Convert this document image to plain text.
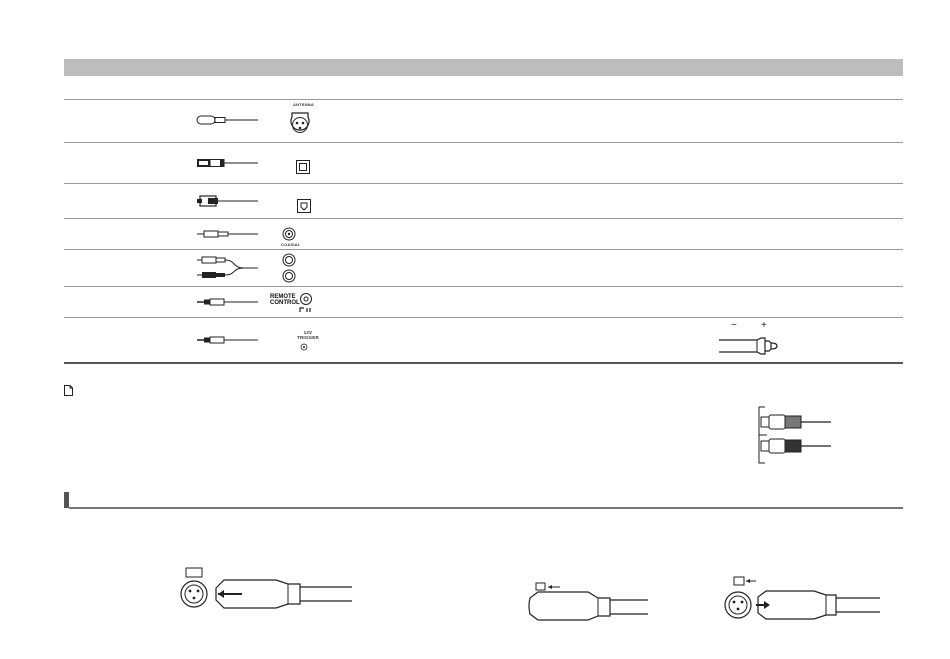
ANTENNA
COAXIAL
REMOTE
CONTROL
12V
TRIGGER
− +
